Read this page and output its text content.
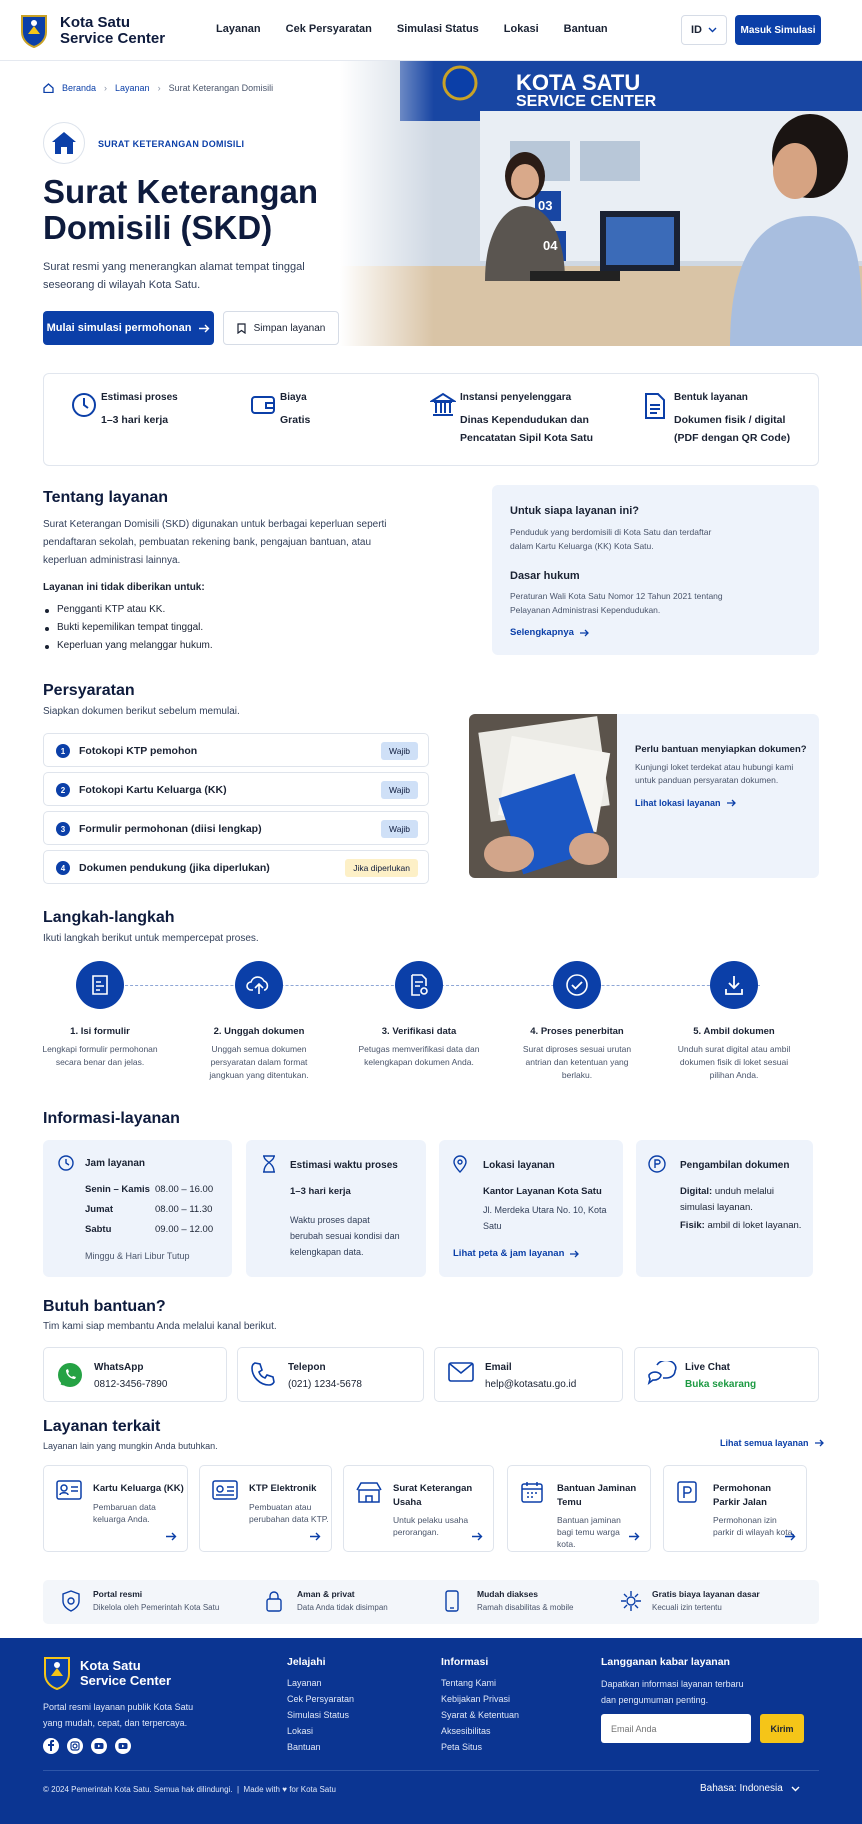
Kota Satu
Service Center
Layanan Cek Persyaratan Simulasi Status Lokasi Bantuan	ID	Masuk Simulasi
KOTA SATU
SERVICE CENTER
03
04
Beranda › Layanan › Surat Keterangan Domisili
SURAT KETERANGAN DOMISILI
Surat Keterangan Domisili (SKD)
Surat resmi yang menerangkan alamat tempat tinggal seseorang di wilayah Kota Satu.
Mulai simulasi permohonan	Simpan layanan
Estimasi proses
1–3 hari kerja
Biaya
Gratis
Instansi penyelenggara
Dinas Kependudukan dan Pencatatan Sipil Kota Satu
Bentuk layanan
Dokumen fisik / digital (PDF dengan QR Code)
Tentang layanan
Surat Keterangan Domisili (SKD) digunakan untuk berbagai keperluan seperti pendaftaran sekolah, pembuatan rekening bank, pengajuan bantuan, atau keperluan administrasi lainnya.
Layanan ini tidak diberikan untuk:
Pengganti KTP atau KK.
Bukti kepemilikan tempat tinggal.
Keperluan yang melanggar hukum.
Untuk siapa layanan ini?
Penduduk yang berdomisili di Kota Satu dan terdaftar dalam Kartu Keluarga (KK) Kota Satu.
Dasar hukum
Peraturan Wali Kota Satu Nomor 12 Tahun 2021 tentang Pelayanan Administrasi Kependudukan.
Selengkapnya
Persyaratan
Siapkan dokumen berikut sebelum memulai.
1	Fotokopi KTP pemohon	Wajib
2	Fotokopi Kartu Keluarga (KK)	Wajib
3	Formulir permohonan (diisi lengkap)	Wajib
4	Dokumen pendukung (jika diperlukan)	Jika diperlukan
Perlu bantuan menyiapkan dokumen?
Kunjungi loket terdekat atau hubungi kami untuk panduan persyaratan dokumen.
Lihat lokasi layanan
Langkah-langkah
Ikuti langkah berikut untuk mempercepat proses.
1. Isi formulir
Lengkapi formulir permohonan secara benar dan jelas.
2. Unggah dokumen
Unggah semua dokumen persyaratan dalam format jangkuan yang ditentukan.
3. Verifikasi data
Petugas memverifikasi data dan kelengkapan dokumen Anda.
4. Proses penerbitan
Surat diproses sesuai urutan antrian dan ketentuan yang berlaku.
5. Ambil dokumen
Unduh surat digital atau ambil dokumen fisik di loket sesuai pilihan Anda.
Informasi-layanan
Jam layanan
Senin – Kamis 08.00 – 16.00
Jumat	08.00 – 11.30
Sabtu	09.00 – 12.00
Minggu & Hari Libur Tutup
Estimasi waktu proses
1–3 hari kerja
Waktu proses dapat berubah sesuai kondisi dan kelengkapan data.
Lokasi layanan
Kantor Layanan Kota Satu
Jl. Merdeka Utara No. 10, Kota Satu
Lihat peta & jam layanan
Pengambilan dokumen
Digital: unduh melalui simulasi layanan.
Fisik: ambil di loket layanan.
Butuh bantuan?
Tim kami siap membantu Anda melalui kanal berikut.
WhatsApp
0812-3456-7890
Telepon
(021) 1234-5678
Email
help@kotasatu.go.id
Live Chat
Buka sekarang
Layanan terkait
Layanan lain yang mungkin Anda butuhkan.	Lihat semua layanan
Kartu Keluarga (KK)
Pembaruan data keluarga Anda.
KTP Elektronik
Pembuatan atau perubahan data KTP.
Surat Keterangan Usaha
Untuk pelaku usaha perorangan.
Bantuan Jaminan Temu
Bantuan jaminan bagi temu warga kota.
Permohonan Parkir Jalan
Permohonan izin parkir di wilayah kota.
Portal resmi
Dikelola oleh Pemerintah Kota Satu
Aman & privat
Data Anda tidak disimpan
Mudah diakses
Ramah disabilitas & mobile
Gratis biaya layanan dasar
Kecuali izin tertentu
Kota Satu
Service Center
Portal resmi layanan publik Kota Satu yang mudah, cepat, dan terpercaya.
Jelajahi
Layanan
Cek Persyaratan
Simulasi Status
Lokasi
Bantuan
Informasi
Tentang Kami
Kebijakan Privasi
Syarat & Ketentuan
Aksesibilitas
Peta Situs
Langganan kabar layanan
Dapatkan informasi layanan terbaru dan pengumuman penting.
Email Anda
Kirim
© 2024 Pemerintah Kota Satu. Semua hak dilindungi.  |  Made with ♥ for Kota Satu	Bahasa: Indonesia
